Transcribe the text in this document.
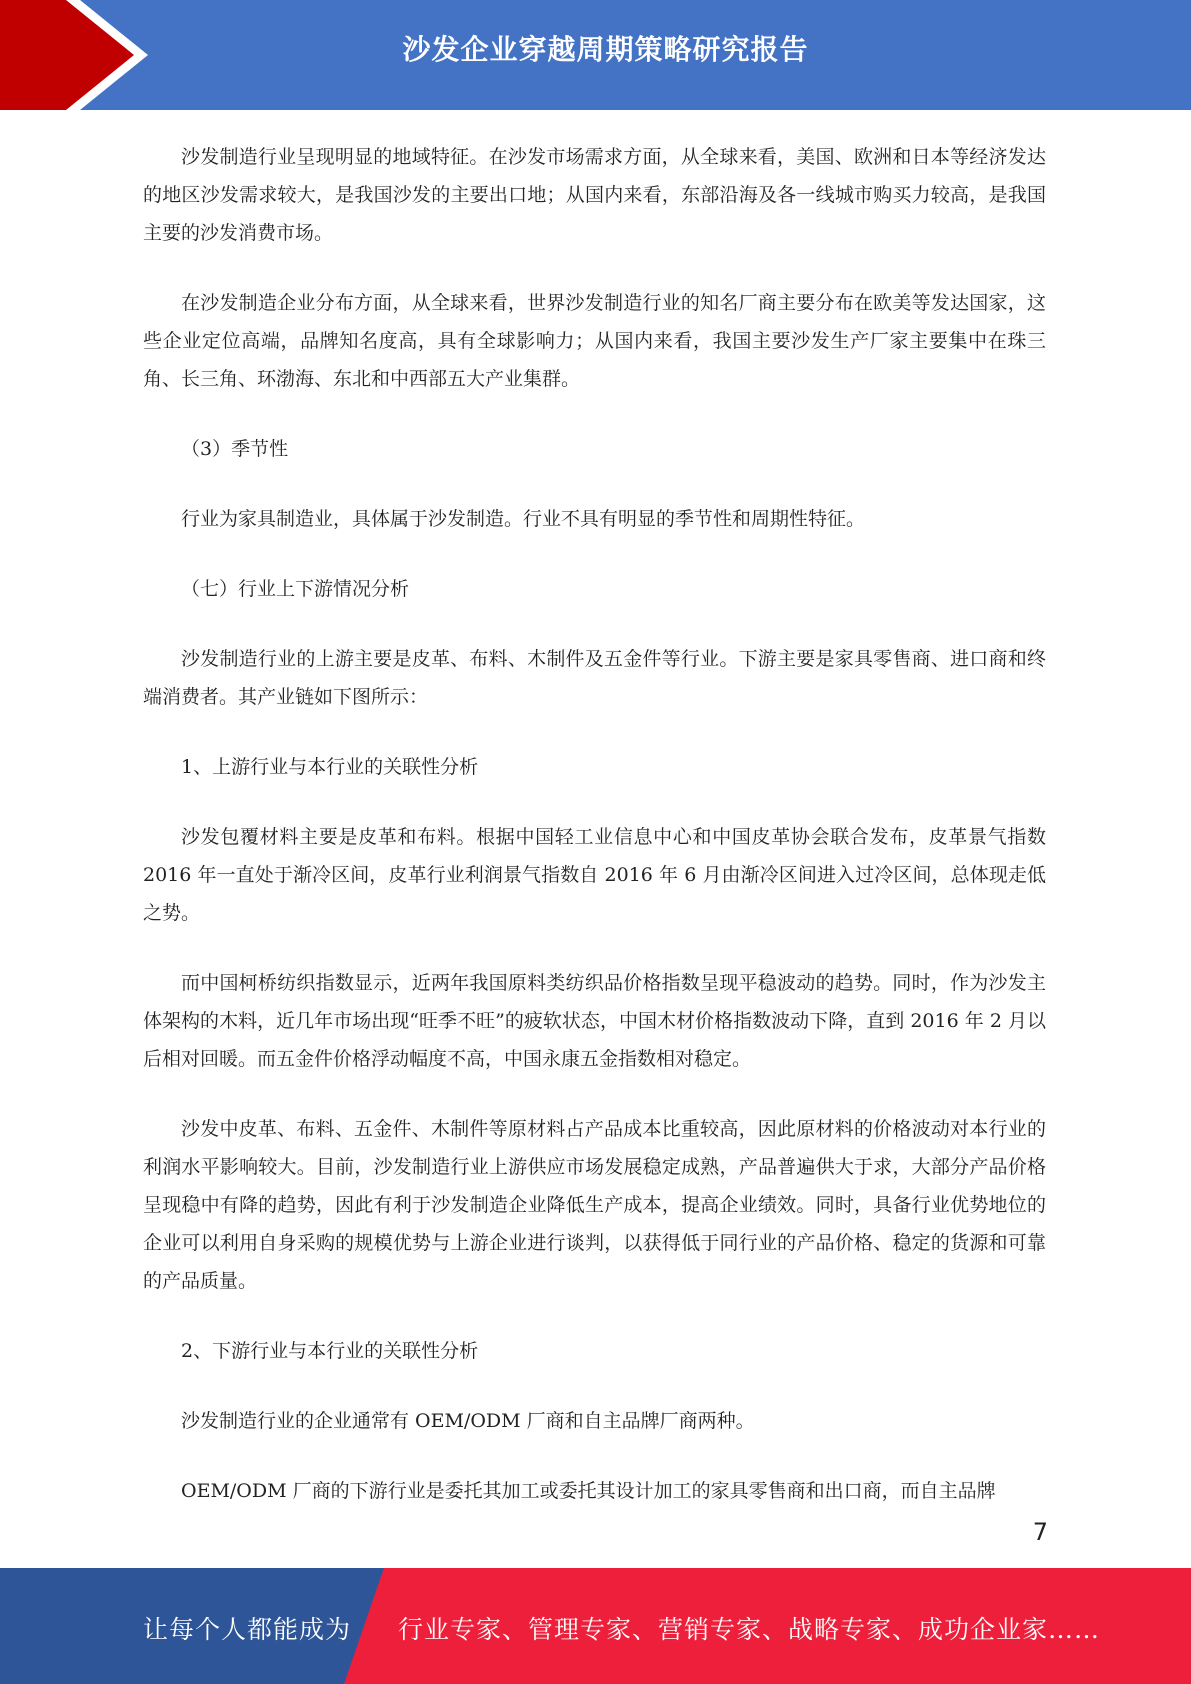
沙发企业穿越周期策略研究报告

沙发制造行业呈现明显的地域特征。在沙发市场需求方面，从全球来看，美国、欧洲和日本等经济发达的地区沙发需求较大，是我国沙发的主要出口地；从国内来看，东部沿海及各一线城市购买力较高，是我国主要的沙发消费市场。

在沙发制造企业分布方面，从全球来看，世界沙发制造行业的知名厂商主要分布在欧美等发达国家，这些企业定位高端，品牌知名度高，具有全球影响力；从国内来看，我国主要沙发生产厂家主要集中在珠三角、长三角、环渤海、东北和中西部五大产业集群。

（3）季节性

行业为家具制造业，具体属于沙发制造。行业不具有明显的季节性和周期性特征。

（七）行业上下游情况分析

沙发制造行业的上游主要是皮革、布料、木制件及五金件等行业。下游主要是家具零售商、进口商和终端消费者。其产业链如下图所示：

1、上游行业与本行业的关联性分析

沙发包覆材料主要是皮革和布料。根据中国轻工业信息中心和中国皮革协会联合发布，皮革景气指数 2016 年一直处于渐冷区间，皮革行业利润景气指数自 2016 年 6 月由渐冷区间进入过冷区间，总体现走低之势。

而中国柯桥纺织指数显示，近两年我国原料类纺织品价格指数呈现平稳波动的趋势。同时，作为沙发主体架构的木料，近几年市场出现“旺季不旺”的疲软状态，中国木材价格指数波动下降，直到 2016 年 2 月以后相对回暖。而五金件价格浮动幅度不高，中国永康五金指数相对稳定。

沙发中皮革、布料、五金件、木制件等原材料占产品成本比重较高，因此原材料的价格波动对本行业的利润水平影响较大。目前，沙发制造行业上游供应市场发展稳定成熟，产品普遍供大于求，大部分产品价格呈现稳中有降的趋势，因此有利于沙发制造企业降低生产成本，提高企业绩效。同时，具备行业优势地位的企业可以利用自身采购的规模优势与上游企业进行谈判，以获得低于同行业的产品价格、稳定的货源和可靠的产品质量。

2、下游行业与本行业的关联性分析

沙发制造行业的企业通常有 OEM/ODM 厂商和自主品牌厂商两种。

OEM/ODM 厂商的下游行业是委托其加工或委托其设计加工的家具零售商和出口商，而自主品牌

7
让每个人都能成为 行业专家、管理专家、营销专家、战略专家、成功企业家……
